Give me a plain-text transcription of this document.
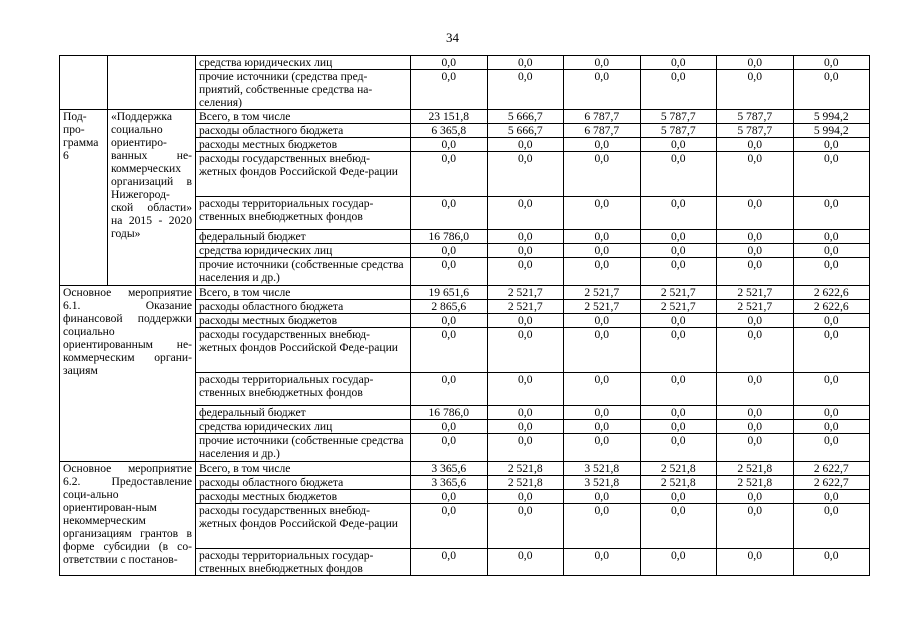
34
		средства юридических лиц	0,0	0,0	0,0	0,0	0,0	0,0
		прочие источники (средства пред-приятий, собственные средства на-селения)	0,0	0,0	0,0	0,0	0,0	0,0
Под-про-грамма 6	«Поддержка социально ориентиро-ванных не-коммерческих организаций в Нижегород-ской области» на 2015 - 2020 годы»	Всего, в том числе	23 151,8	5 666,7	6 787,7	5 787,7	5 787,7	5 994,2
		расходы областного бюджета	6 365,8	5 666,7	6 787,7	5 787,7	5 787,7	5 994,2
		расходы местных бюджетов	0,0	0,0	0,0	0,0	0,0	0,0
		расходы государственных внебюд-жетных фондов Российской Феде-рации	0,0	0,0	0,0	0,0	0,0	0,0
		расходы территориальных государ-ственных внебюджетных фондов	0,0	0,0	0,0	0,0	0,0	0,0
		федеральный бюджет	16 786,0	0,0	0,0	0,0	0,0	0,0
		средства юридических лиц	0,0	0,0	0,0	0,0	0,0	0,0
		прочие источники (собственные средства населения и др.)	0,0	0,0	0,0	0,0	0,0	0,0
Основное мероприятие 6.1. Оказание финансовой поддержки социально ориентированным не-коммерческим органи-зациям		Всего, в том числе	19 651,6	2 521,7	2 521,7	2 521,7	2 521,7	2 622,6
		расходы областного бюджета	2 865,6	2 521,7	2 521,7	2 521,7	2 521,7	2 622,6
		расходы местных бюджетов	0,0	0,0	0,0	0,0	0,0	0,0
		расходы государственных внебюд-жетных фондов Российской Феде-рации	0,0	0,0	0,0	0,0	0,0	0,0
		расходы территориальных государ-ственных внебюджетных фондов	0,0	0,0	0,0	0,0	0,0	0,0
		федеральный бюджет	16 786,0	0,0	0,0	0,0	0,0	0,0
		средства юридических лиц	0,0	0,0	0,0	0,0	0,0	0,0
		прочие источники (собственные средства населения и др.)	0,0	0,0	0,0	0,0	0,0	0,0
Основное мероприятие 6.2. Предоставление соци-ально ориентирован-ным некоммерческим организациям грантов в форме субсидии (в со-ответствии с постанов-		Всего, в том числе	3 365,6	2 521,8	3 521,8	2 521,8	2 521,8	2 622,7
		расходы областного бюджета	3 365,6	2 521,8	3 521,8	2 521,8	2 521,8	2 622,7
		расходы местных бюджетов	0,0	0,0	0,0	0,0	0,0	0,0
		расходы государственных внебюд-жетных фондов Российской Феде-рации	0,0	0,0	0,0	0,0	0,0	0,0
		расходы территориальных государ-ственных внебюджетных фондов	0,0	0,0	0,0	0,0	0,0	0,0
